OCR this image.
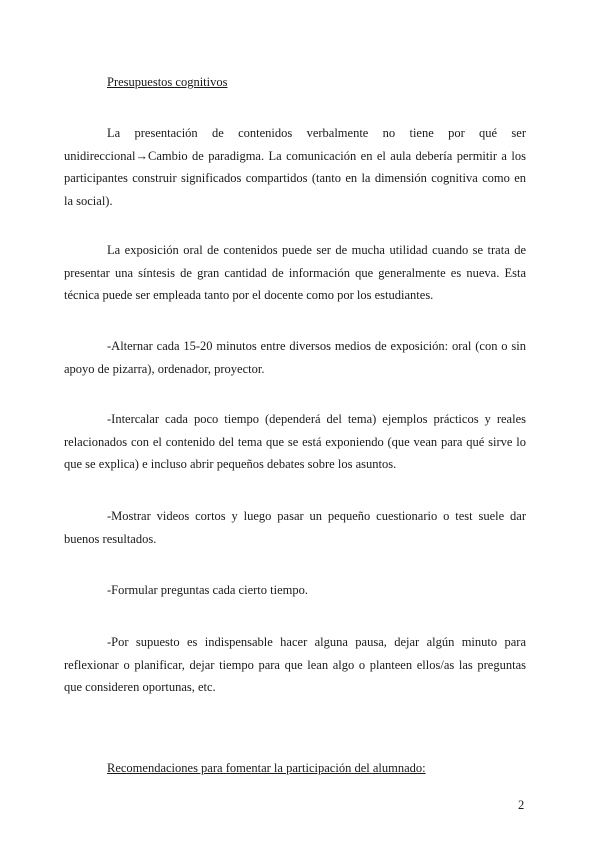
Presupuestos cognitivos

La presentación de contenidos verbalmente no tiene por qué ser unidireccional→Cambio de paradigma. La comunicación en el aula debería permitir a los participantes construir significados compartidos (tanto en la dimensión cognitiva como en la social).

La exposición oral de contenidos puede ser de mucha utilidad cuando se trata de presentar una síntesis de gran cantidad de información que generalmente es nueva. Esta técnica puede ser empleada tanto por el docente como por los estudiantes.

-Alternar cada 15-20 minutos entre diversos medios de exposición: oral (con o sin apoyo de pizarra), ordenador, proyector.

-Intercalar cada poco tiempo (dependerá del tema) ejemplos prácticos y reales relacionados con el contenido del tema que se está exponiendo (que vean para qué sirve lo que se explica) e incluso abrir pequeños debates sobre los asuntos.

-Mostrar videos cortos y luego pasar un pequeño cuestionario o test suele dar buenos resultados.

-Formular preguntas cada cierto tiempo.

-Por supuesto es indispensable hacer alguna pausa, dejar algún minuto para reflexionar o planificar, dejar tiempo para que lean algo o planteen ellos/as las preguntas que consideren oportunas, etc.

Recomendaciones para fomentar la participación del alumnado:
2
